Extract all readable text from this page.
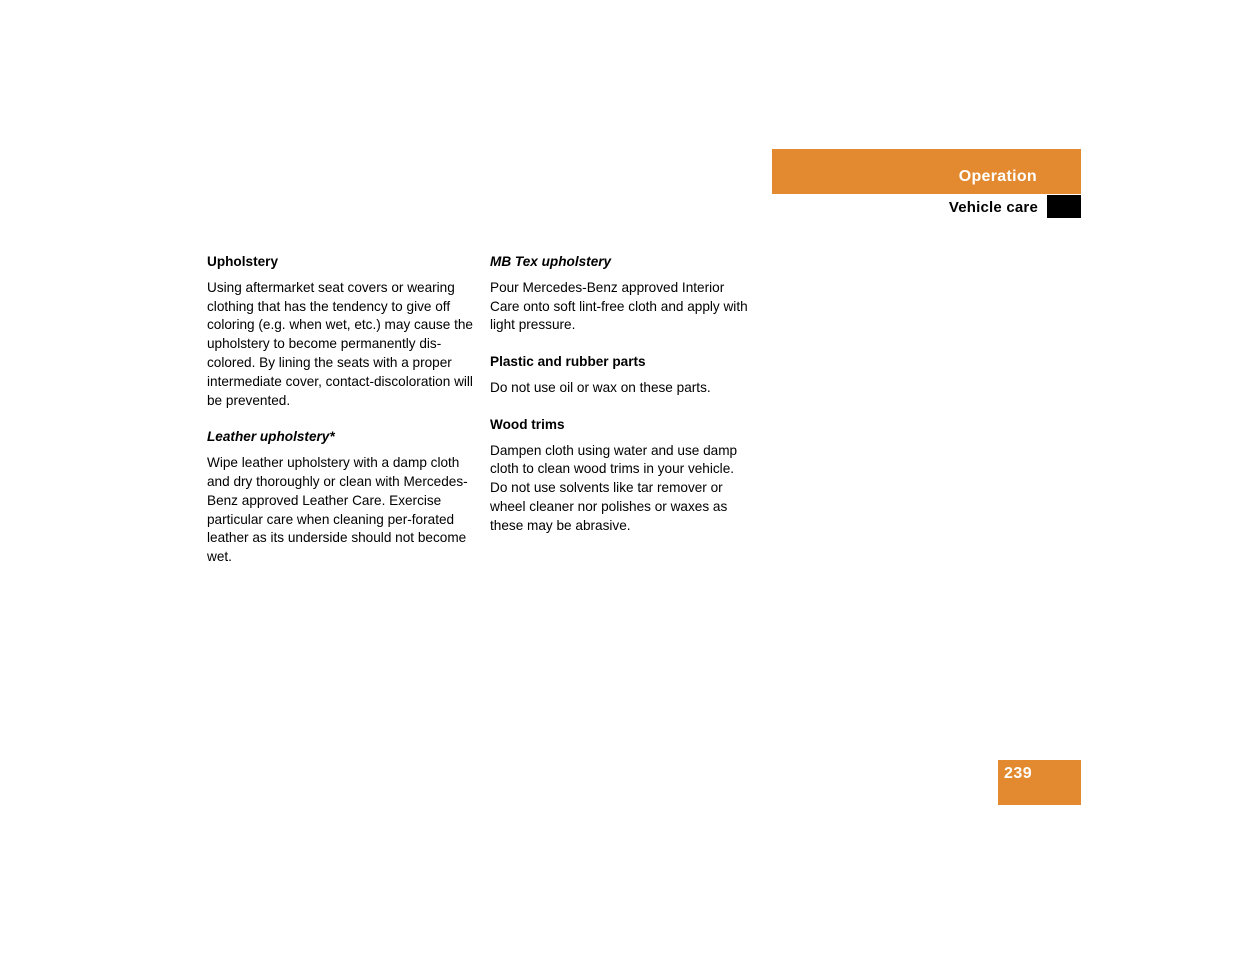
Operation
Vehicle care
Upholstery
Using aftermarket seat covers or wearing clothing that has the tendency to give off coloring (e.g. when wet, etc.) may cause the upholstery to become permanently dis-colored. By lining the seats with a proper intermediate cover, contact-discoloration will be prevented.
Leather upholstery*
Wipe leather upholstery with a damp cloth and dry thoroughly or clean with Mercedes-Benz approved Leather Care. Exercise particular care when cleaning per-forated leather as its underside should not become wet.
MB Tex upholstery
Pour Mercedes-Benz approved Interior Care onto soft lint-free cloth and apply with light pressure.
Plastic and rubber parts
Do not use oil or wax on these parts.
Wood trims
Dampen cloth using water and use damp cloth to clean wood trims in your vehicle. Do not use solvents like tar remover or wheel cleaner nor polishes or waxes as these may be abrasive.
239
